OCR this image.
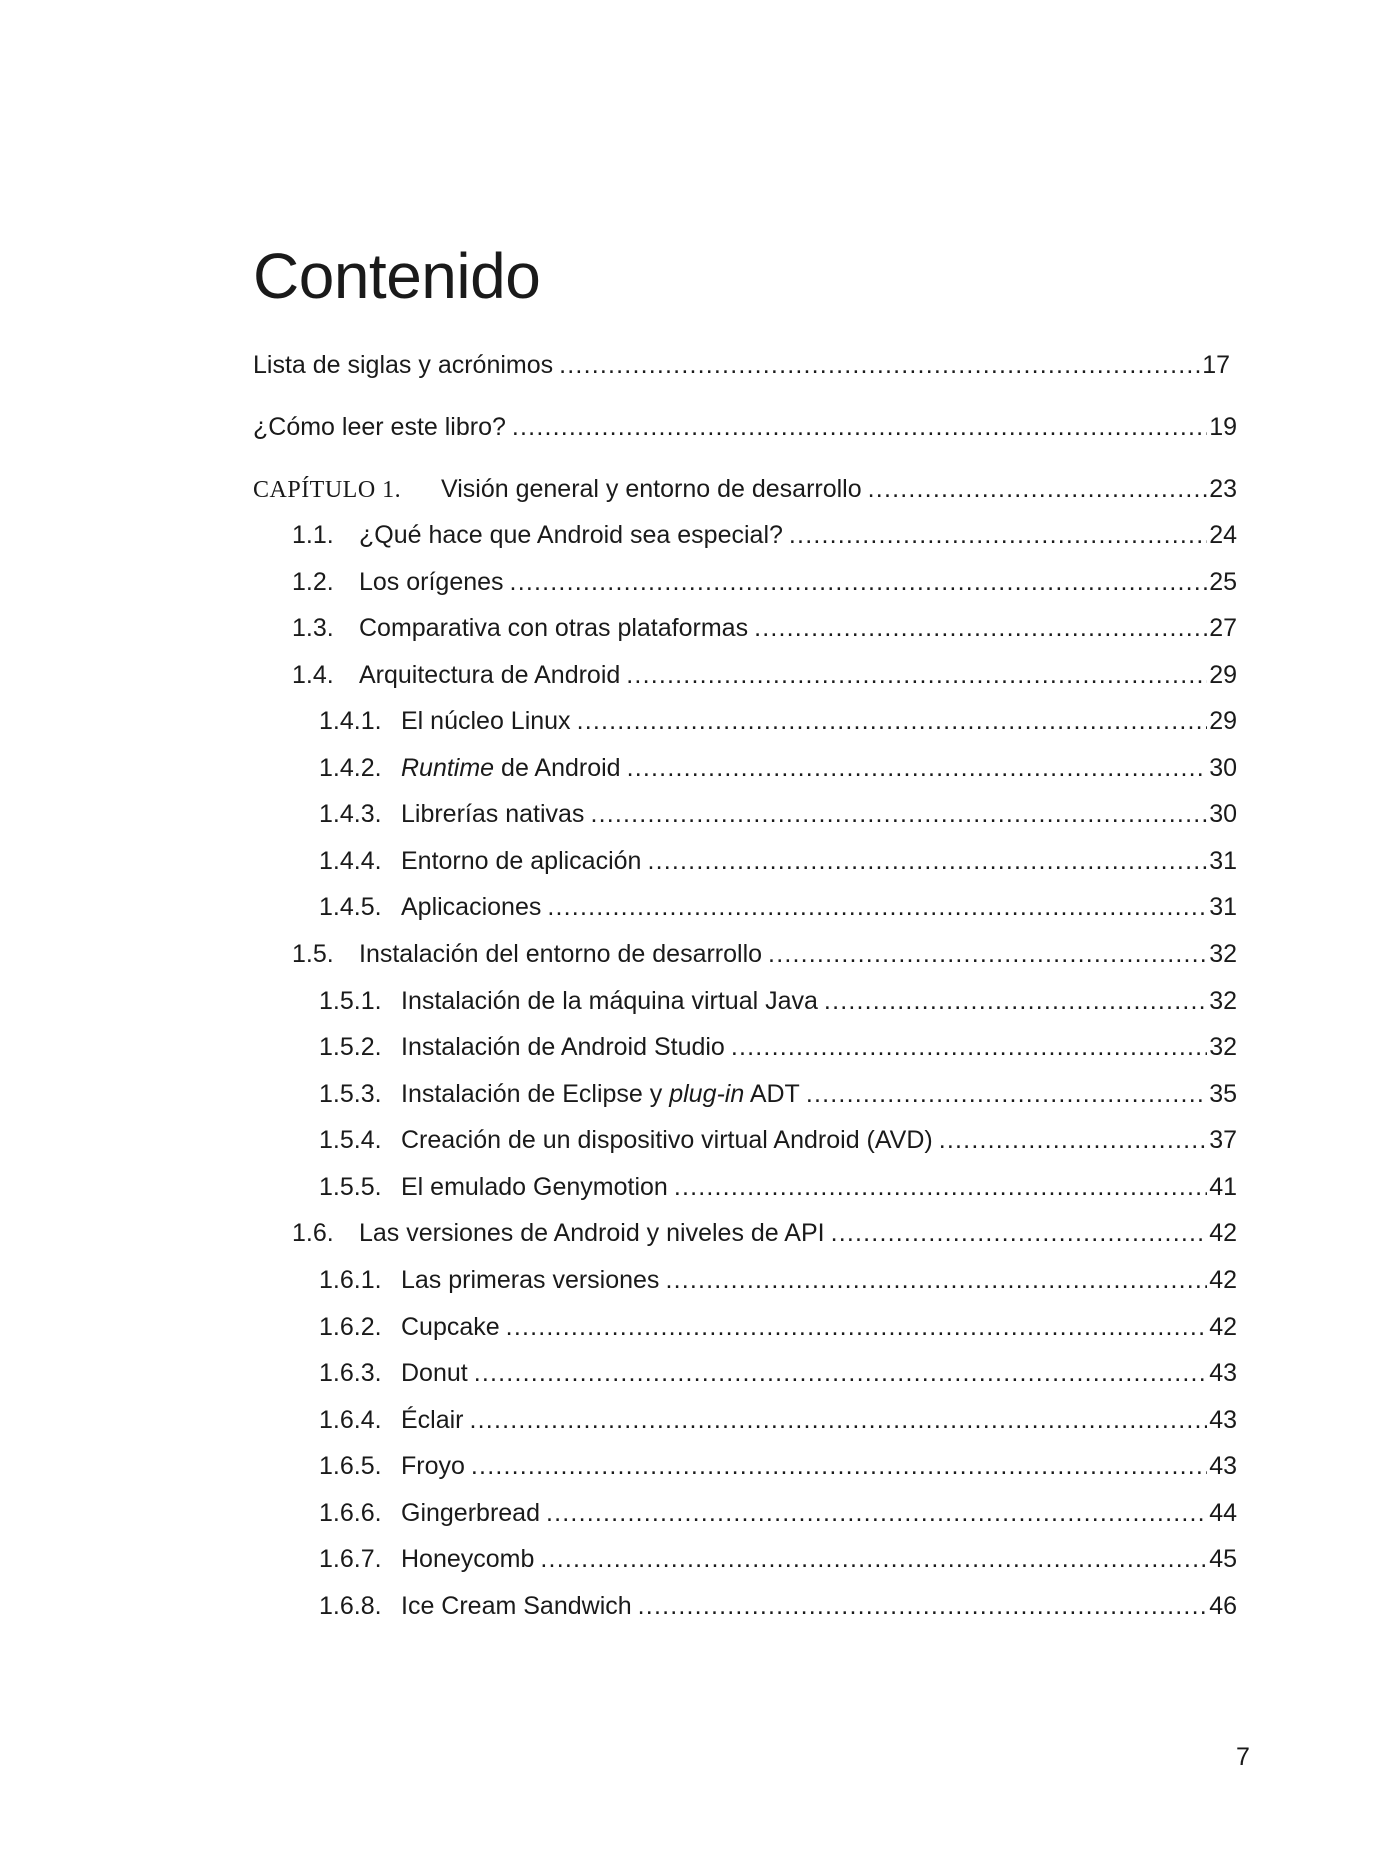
Contenido
Lista de siglas y acrónimos .....	17
¿Cómo leer este libro? .....	19
CAPÍTULO 1.	Visión general y entorno de desarrollo .....	23
1.1.	¿Qué hace que Android sea especial? .....	24
1.2.	Los orígenes .....	25
1.3.	Comparativa con otras plataformas .....	27
1.4.	Arquitectura de Android .....	29
1.4.1. El núcleo Linux .....	29
1.4.2. Runtime de Android .....	30
1.4.3. Librerías nativas .....	30
1.4.4. Entorno de aplicación .....	31
1.4.5. Aplicaciones .....	31
1.5.	Instalación del entorno de desarrollo .....	32
1.5.1. Instalación de la máquina virtual Java .....	32
1.5.2. Instalación de Android Studio .....	32
1.5.3. Instalación de Eclipse y plug-in ADT .....	35
1.5.4. Creación de un dispositivo virtual Android (AVD) .....	37
1.5.5. El emulado Genymotion .....	41
1.6.	Las versiones de Android y niveles de API .....	42
1.6.1. Las primeras versiones .....	42
1.6.2. Cupcake .....	42
1.6.3. Donut .....	43
1.6.4. Éclair .....	43
1.6.5. Froyo .....	43
1.6.6. Gingerbread .....	44
1.6.7. Honeycomb .....	45
1.6.8. Ice Cream Sandwich .....	46
7
